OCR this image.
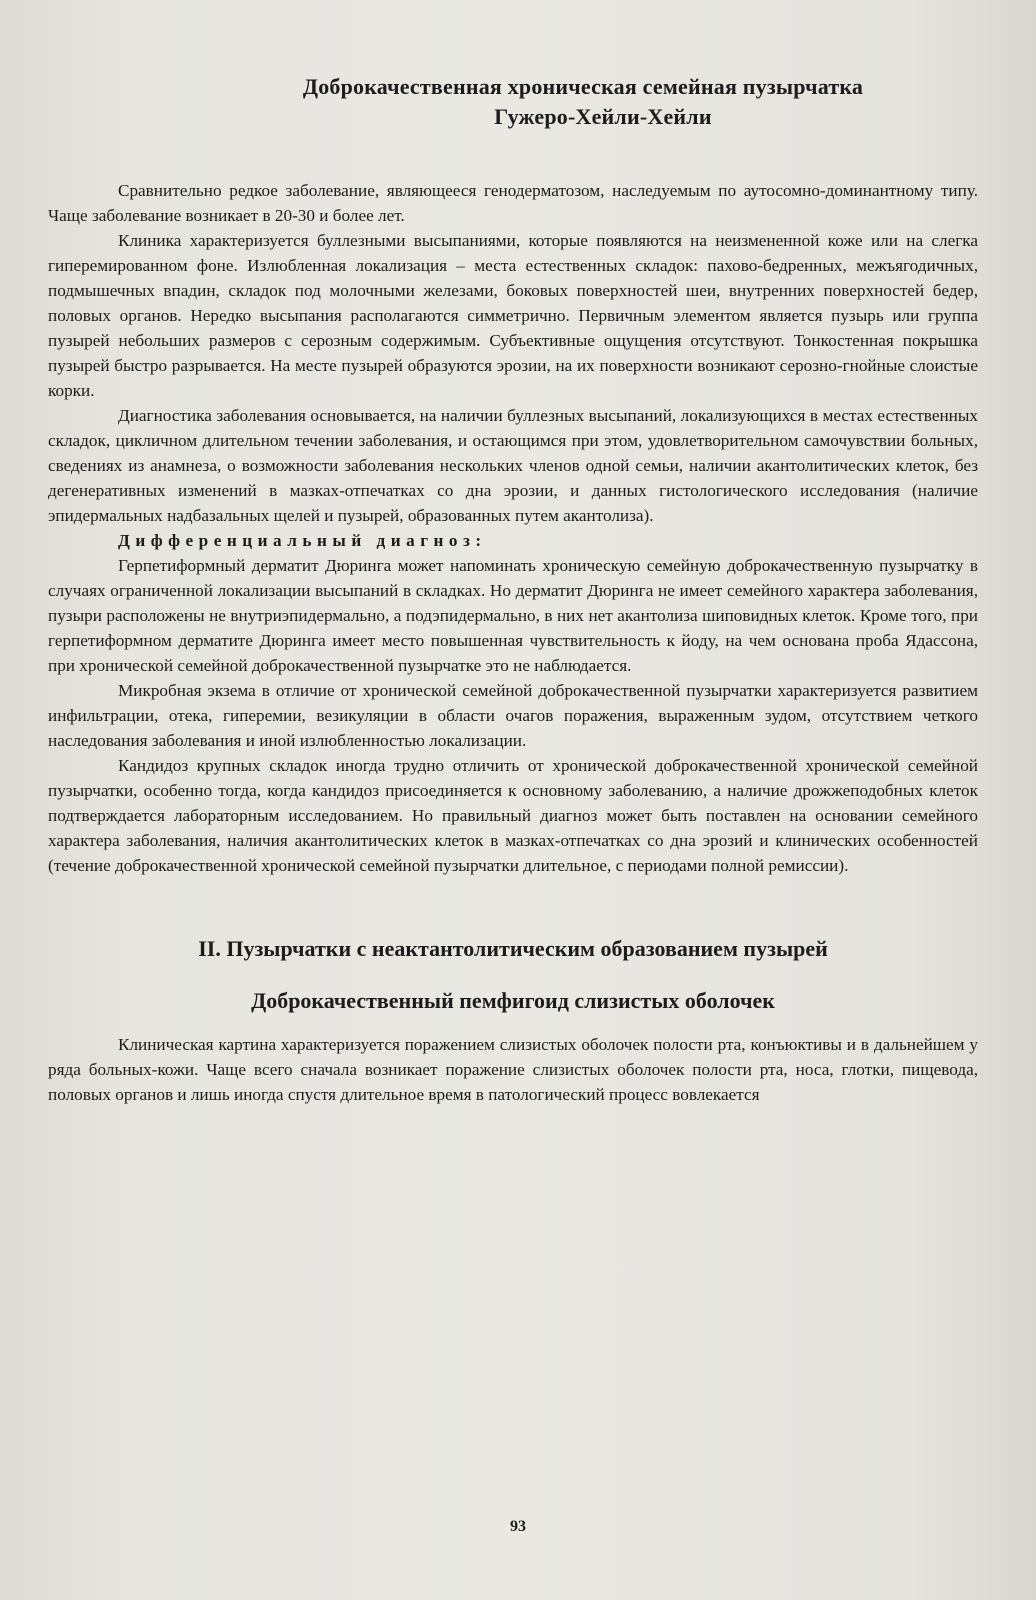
Доброкачественная хроническая семейная пузырчатка
Гужеро-Хейли-Хейли

Сравнительно редкое заболевание, являющееся генодерматозом, наследуемым по аутосомно-доминантному типу. Чаще заболевание возникает в 20-30 и более лет.

Клиника характеризуется буллезными высыпаниями, которые появляются на неизмененной коже или на слегка гиперемированном фоне. Излюбленная локализация – места естественных складок: пахово-бедренных, межъягодичных, подмышечных впадин, складок под молочными железами, боковых поверхностей шеи, внутренних поверхностей бедер, половых органов. Нередко высыпания располагаются симметрично. Первичным элементом является пузырь или группа пузырей небольших размеров с серозным содержимым. Субъективные ощущения отсутствуют. Тонкостенная покрышка пузырей быстро разрывается. На месте пузырей образуются эрозии, на их поверхности возникают серозно-гнойные слоистые корки.

Диагностика заболевания основывается, на наличии буллезных высыпаний, локализующихся в местах естественных складок, цикличном длительном течении заболевания, и остающимся при этом, удовлетворительном самочувствии больных, сведениях из анамнеза, о возможности заболевания нескольких членов одной семьи, наличии акантолитических клеток, без дегенеративных изменений в мазках-отпечатках со дна эрозии, и данных гистологического исследования (наличие эпидермальных надбазальных щелей и пузырей, образованных путем акантолиза).

Дифференциальный диагноз:

Герпетиформный дерматит Дюринга может напоминать хроническую семейную доброкачественную пузырчатку в случаях ограниченной локализации высыпаний в складках. Но дерматит Дюринга не имеет семейного характера заболевания, пузыри расположены не внутриэпидермально, а подэпидермально, в них нет акантолиза шиповидных клеток. Кроме того, при герпетиформном дерматите Дюринга имеет место повышенная чувствительность к йоду, на чем основана проба Ядассона, при хронической семейной доброкачественной пузырчатке это не наблюдается.

Микробная экзема в отличие от хронической семейной доброкачественной пузырчатки характеризуется развитием инфильтрации, отека, гиперемии, везикуляции в области очагов поражения, выраженным зудом, отсутствием четкого наследования заболевания и иной излюбленностью локализации.

Кандидоз крупных складок иногда трудно отличить от хронической доброкачественной хронической семейной пузырчатки, особенно тогда, когда кандидоз присоединяется к основному заболеванию, а наличие дрожжеподобных клеток подтверждается лабораторным исследованием. Но правильный диагноз может быть поставлен на основании семейного характера заболевания, наличия акантолитических клеток в мазках-отпечатках со дна эрозий и клинических особенностей (течение доброкачественной хронической семейной пузырчатки длительное, с периодами полной ремиссии).

II. Пузырчатки с неактантолитическим образованием пузырей
Доброкачественный пемфигоид слизистых оболочек

Клиническая картина характеризуется поражением слизистых оболочек полости рта, конъюктивы и в дальнейшем у ряда больных-кожи. Чаще всего сначала возникает поражение слизистых оболочек полости рта, носа, глотки, пищевода, половых органов и лишь иногда спустя длительное время в патологический процесс вовлекается

93
